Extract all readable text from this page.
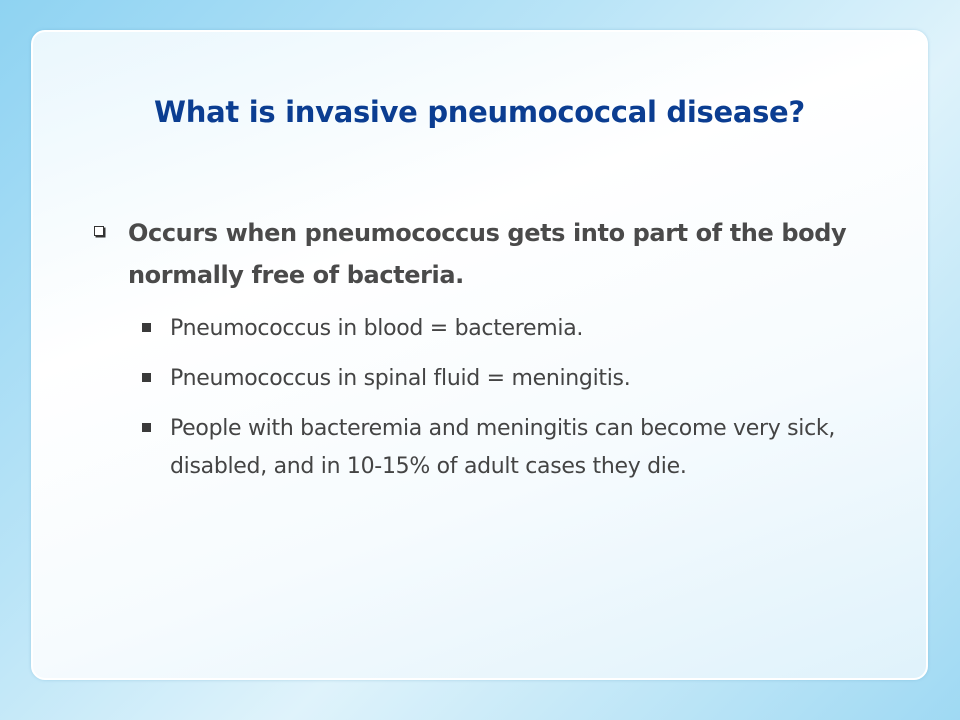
What is invasive pneumococcal disease?
Occurs when pneumococcus gets into part of the body normally free of bacteria.
Pneumococcus in blood = bacteremia.
Pneumococcus in spinal fluid = meningitis.
People with bacteremia and meningitis can become very sick, disabled, and in 10-15% of adult cases they die.
